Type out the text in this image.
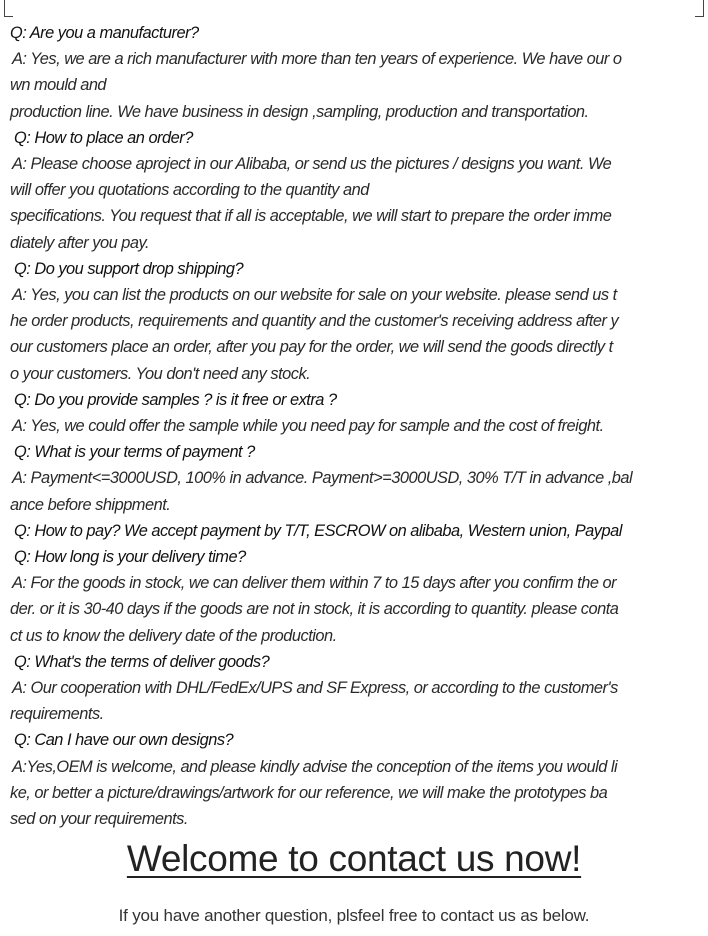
Q: Are you a manufacturer?
A: Yes, we are a rich manufacturer with more than ten years of experience. We have our o
wn mould and
production line. We have business in design ,sampling, production and transportation.
Q: How to place an order?
A: Please choose aproject in our Alibaba, or send us the pictures / designs you want. We
will offer you quotations according to the quantity and
specifications. You request that if all is acceptable, we will start to prepare the order imme
diately after you pay.
Q: Do you support drop shipping?
A: Yes, you can list the products on our website for sale on your website. please send us t
he order products, requirements and quantity and the customer's receiving address after y
our customers place an order, after you pay for the order, we will send the goods directly t
o your customers. You don't need any stock.
Q: Do you provide samples ? is it free or extra ?
A: Yes, we could offer the sample while you need pay for sample and the cost of freight.
Q: What is your terms of payment ?
A: Payment<=3000USD, 100% in advance. Payment>=3000USD, 30% T/T in advance ,bal
ance before shippment.
Q: How to pay? We accept payment by T/T, ESCROW on alibaba, Western union, Paypal
Q: How long is your delivery time?
A: For the goods in stock, we can deliver them within 7 to 15 days after you confirm the or
der. or it is 30-40 days if the goods are not in stock, it is according to quantity. please conta
ct us to know the delivery date of the production.
Q: What's the terms of deliver goods?
A: Our cooperation with DHL/FedEx/UPS and SF Express, or according to the customer's
requirements.
Q: Can I have our own designs?
A:Yes,OEM is welcome, and please kindly advise the conception of the items you would li
ke, or better a picture/drawings/artwork for our reference, we will make the prototypes ba
sed on your requirements.
Welcome to contact us now!
If you have another question, plsfeel free to contact us as below.
